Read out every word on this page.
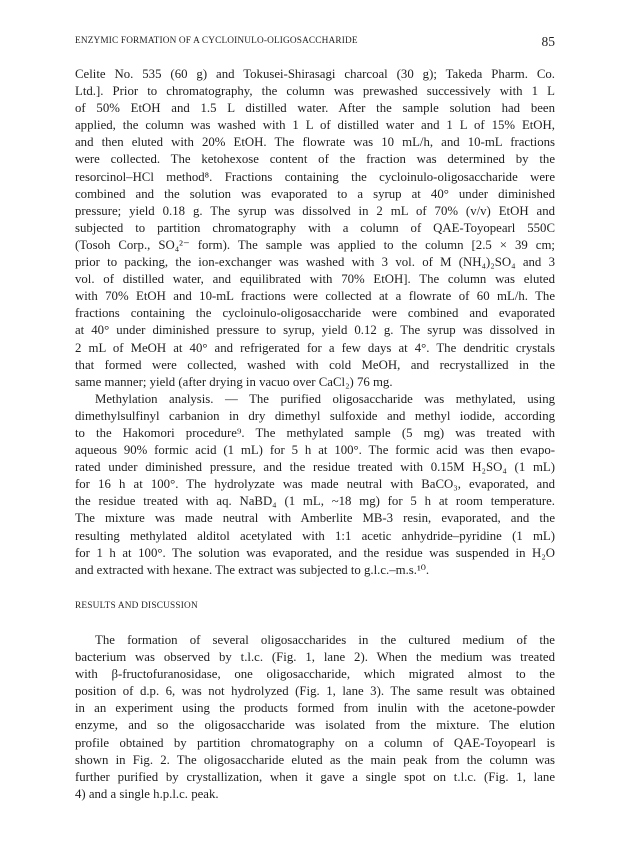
ENZYMIC FORMATION OF A CYCLOINULO-OLIGOSACCHARIDE	85

Celite No. 535 (60 g) and Tokusei-Shirasagi charcoal (30 g); Takeda Pharm. Co.
Ltd.]. Prior to chromatography, the column was prewashed successively with 1 L
of 50% EtOH and 1.5 L distilled water. After the sample solution had been
applied, the column was washed with 1 L of distilled water and 1 L of 15% EtOH,
and then eluted with 20% EtOH. The flowrate was 10 mL/h, and 10-mL fractions
were collected. The ketohexose content of the fraction was determined by the
resorcinol–HCl method⁸. Fractions containing the cycloinulo-oligosaccharide were
combined and the solution was evaporated to a syrup at 40° under diminished
pressure; yield 0.18 g. The syrup was dissolved in 2 mL of 70% (v/v) EtOH and
subjected to partition chromatography with a column of QAE-Toyopearl 550C
(Tosoh Corp., SO₄²⁻ form). The sample was applied to the column [2.5 × 39 cm;
prior to packing, the ion-exchanger was washed with 3 vol. of M (NH₄)₂SO₄ and 3
vol. of distilled water, and equilibrated with 70% EtOH]. The column was eluted
with 70% EtOH and 10-mL fractions were collected at a flowrate of 60 mL/h. The
fractions containing the cycloinulo-oligosaccharide were combined and evaporated
at 40° under diminished pressure to syrup, yield 0.12 g. The syrup was dissolved in
2 mL of MeOH at 40° and refrigerated for a few days at 4°. The dendritic crystals
that formed were collected, washed with cold MeOH, and recrystallized in the
same manner; yield (after drying in vacuo over CaCl₂) 76 mg.

Methylation analysis. — The purified oligosaccharide was methylated, using
dimethylsulfinyl carbanion in dry dimethyl sulfoxide and methyl iodide, according
to the Hakomori procedure⁹. The methylated sample (5 mg) was treated with
aqueous 90% formic acid (1 mL) for 5 h at 100°. The formic acid was then evapo-
rated under diminished pressure, and the residue treated with 0.15M H₂SO₄ (1 mL)
for 16 h at 100°. The hydrolyzate was made neutral with BaCO₃, evaporated, and
the residue treated with aq. NaBD₄ (1 mL, ~18 mg) for 5 h at room temperature.
The mixture was made neutral with Amberlite MB-3 resin, evaporated, and the
resulting methylated alditol acetylated with 1:1 acetic anhydride–pyridine (1 mL)
for 1 h at 100°. The solution was evaporated, and the residue was suspended in H₂O
and extracted with hexane. The extract was subjected to g.l.c.–m.s.¹⁰.

RESULTS AND DISCUSSION

The formation of several oligosaccharides in the cultured medium of the
bacterium was observed by t.l.c. (Fig. 1, lane 2). When the medium was treated
with β-fructofuranosidase, one oligosaccharide, which migrated almost to the
position of d.p. 6, was not hydrolyzed (Fig. 1, lane 3). The same result was obtained
in an experiment using the products formed from inulin with the acetone-powder
enzyme, and so the oligosaccharide was isolated from the mixture. The elution
profile obtained by partition chromatography on a column of QAE-Toyopearl is
shown in Fig. 2. The oligosaccharide eluted as the main peak from the column was
further purified by crystallization, when it gave a single spot on t.l.c. (Fig. 1, lane
4) and a single h.p.l.c. peak.
